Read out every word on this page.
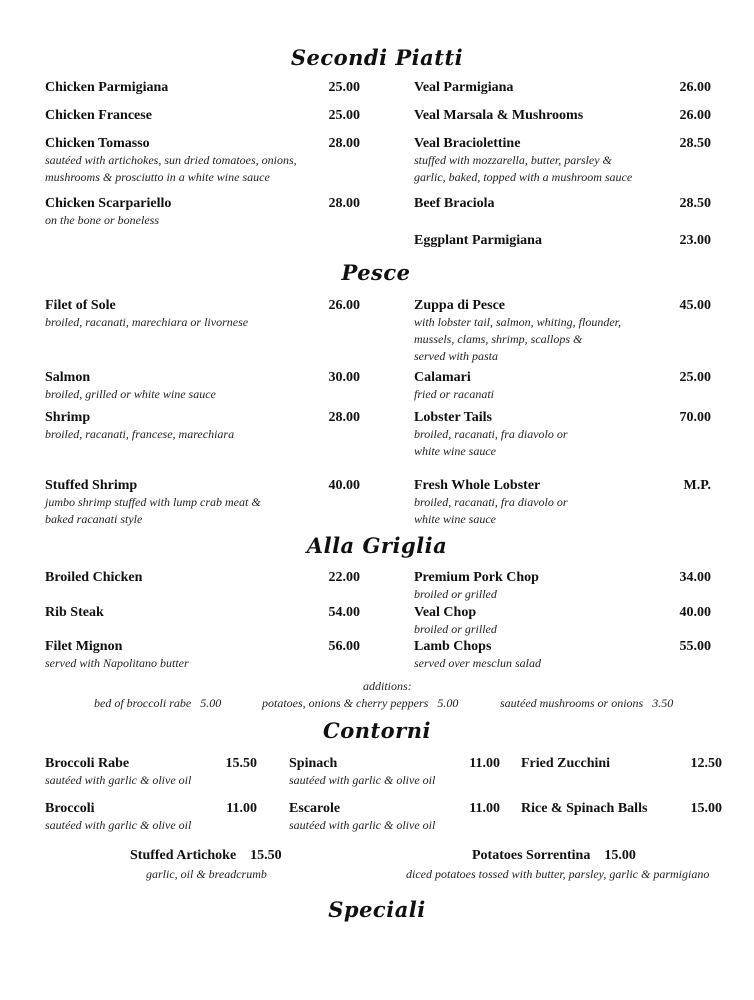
Secondi Piatti
Pesce
Alla Griglia
Contorni
Speciali
Chicken Parmigiana	25.00
Chicken Francese	25.00
Chicken Tomasso
sautéed with artichokes, sun dried tomatoes, onions,
mushrooms & prosciutto in a white wine sauce
28.00
Chicken Scarpariello
on the bone or boneless
28.00
Veal Parmigiana	26.00
Veal Marsala & Mushrooms	26.00
Veal Braciolettine
stuffed with mozzarella, butter, parsley &
garlic, baked, topped with a mushroom sauce
28.50
Beef Braciola	28.50
Eggplant Parmigiana	23.00
Filet of Sole
broiled, racanati, marechiara or livornese
26.00
Salmon
broiled, grilled or white wine sauce
30.00
Shrimp
broiled, racanati, francese, marechiara
28.00
Stuffed Shrimp
jumbo shrimp stuffed with lump crab meat &
baked racanati style
40.00
Zuppa di Pesce
with lobster tail, salmon, whiting, flounder,
mussels, clams, shrimp, scallops &
served with pasta
45.00
Calamari
fried or racanati
25.00
Lobster Tails
broiled, racanati, fra diavolo or
white wine sauce
70.00
Fresh Whole Lobster
broiled, racanati, fra diavolo or
white wine sauce
M.P.
Broiled Chicken	22.00
Rib Steak	54.00
Filet Mignon
served with Napolitano butter
56.00
Premium Pork Chop
broiled or grilled
34.00
Veal Chop
broiled or grilled
40.00
Lamb Chops
served over mesclun salad
55.00
Broccoli Rabe
sautéed with garlic & olive oil
15.50
Broccoli
sautéed with garlic & olive oil
11.00
Spinach
sautéed with garlic & olive oil
11.00
Escarole
sautéed with garlic & olive oil
11.00
Fried Zucchini	12.50
Rice & Spinach Balls	15.00
Stuffed Artichoke 15.50
garlic, oil & breadcrumb
Potatoes Sorrentina 15.00
diced potatoes tossed with butter, parsley, garlic & parmigiano
additions:
bed of broccoli rabe 5.00	potatoes, onions & cherry peppers 5.00	sautéed mushrooms or onions 3.50
